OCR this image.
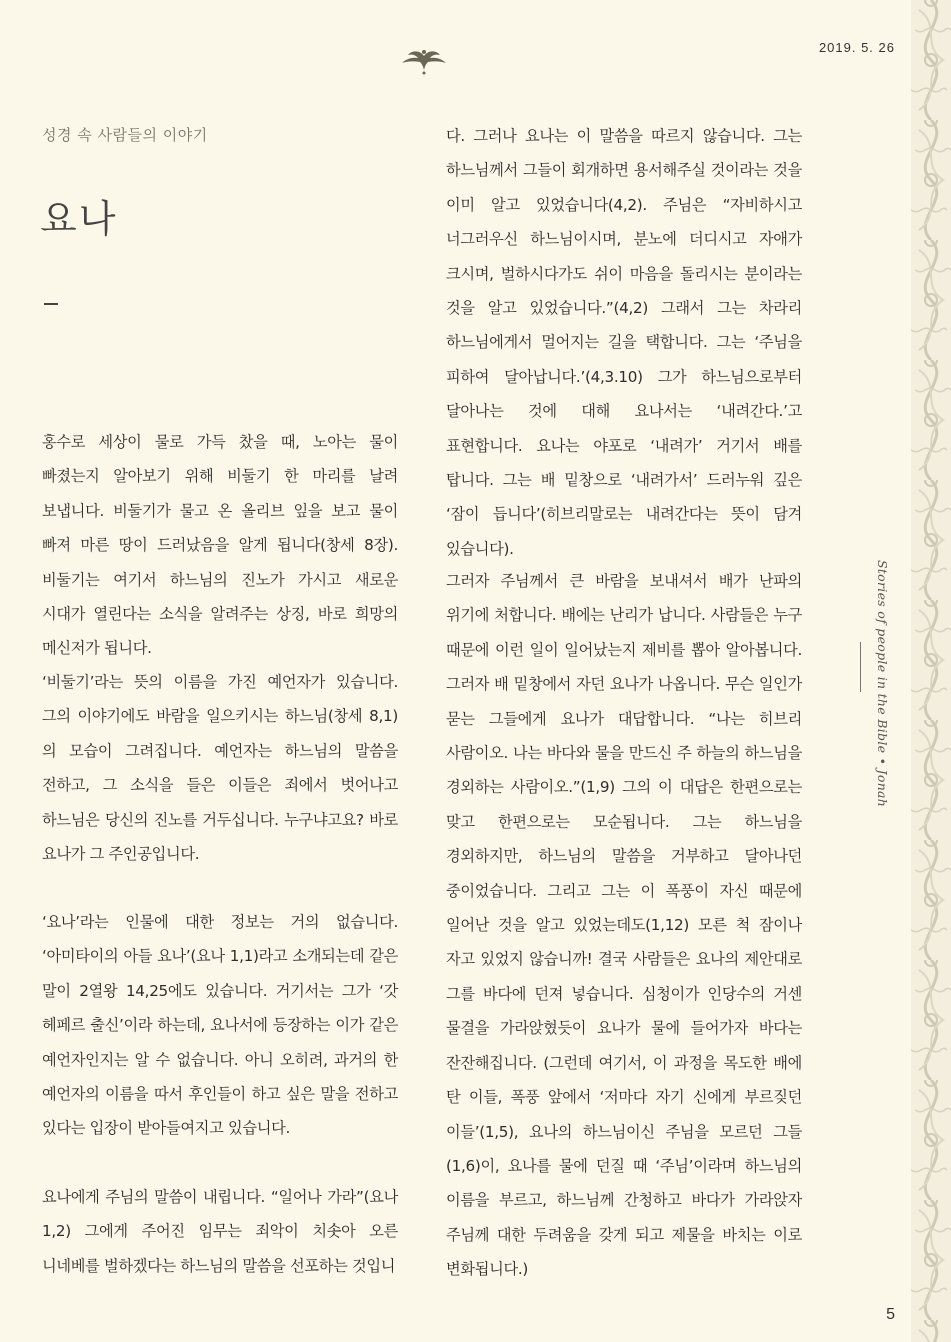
2019. 5. 26
성경 속 사람들의 이야기
요나

홍수로 세상이 물로 가득 찼을 때, 노아는 물이 빠졌는지 알아보기 위해 비둘기 한 마리를 날려 보냅니다. 비둘기가 물고 온 올리브 잎을 보고 물이 빠져 마른 땅이 드러났음을 알게 됩니다(창세 8장). 비둘기는 여기서 하느님의 진노가 가시고 새로운 시대가 열린다는 소식을 알려주는 상징, 바로 희망의 메신저가 됩니다.

‘비둘기’라는 뜻의 이름을 가진 예언자가 있습니다. 그의 이야기에도 바람을 일으키시는 하느님(창세 8,1)의 모습이 그려집니다. 예언자는 하느님의 말씀을 전하고, 그 소식을 들은 이들은 죄에서 벗어나고 하느님은 당신의 진노를 거두십니다. 누구냐고요? 바로 요나가 그 주인공입니다.

‘요나’라는 인물에 대한 정보는 거의 없습니다. ‘아미타이의 아들 요나’(요나 1,1)라고 소개되는데 같은 말이 2열왕 14,25에도 있습니다. 거기서는 그가 ‘갓 헤페르 출신’이라 하는데, 요나서에 등장하는 이가 같은 예언자인지는 알 수 없습니다. 아니 오히려, 과거의 한 예언자의 이름을 따서 후인들이 하고 싶은 말을 전하고 있다는 입장이 받아들여지고 있습니다.

요나에게 주님의 말씀이 내립니다. “일어나 가라”(요나 1,2) 그에게 주어진 임무는 죄악이 치솟아 오른 니네베를 벌하겠다는 하느님의 말씀을 선포하는 것입니

다. 그러나 요나는 이 말씀을 따르지 않습니다. 그는 하느님께서 그들이 회개하면 용서해주실 것이라는 것을 이미 알고 있었습니다(4,2). 주님은 “자비하시고 너그러우신 하느님이시며, 분노에 더디시고 자애가 크시며, 벌하시다가도 쉬이 마음을 돌리시는 분이라는 것을 알고 있었습니다.”(4,2) 그래서 그는 차라리 하느님에게서 멀어지는 길을 택합니다. 그는 ‘주님을 피하여 달아납니다.’(4,3.10) 그가 하느님으로부터 달아나는 것에 대해 요나서는 ‘내려간다.’고 표현합니다. 요나는 야포로 ‘내려가’ 거기서 배를 탑니다. 그는 배 밑창으로 ‘내려가서’ 드러누워 깊은 ‘잠이 듭니다’(히브리말로는 내려간다는 뜻이 담겨 있습니다).

그러자 주님께서 큰 바람을 보내셔서 배가 난파의 위기에 처합니다. 배에는 난리가 납니다. 사람들은 누구 때문에 이런 일이 일어났는지 제비를 뽑아 알아봅니다. 그러자 배 밑창에서 자던 요나가 나옵니다. 무슨 일인가 묻는 그들에게 요나가 대답합니다. “나는 히브리 사람이오. 나는 바다와 물을 만드신 주 하늘의 하느님을 경외하는 사람이오.”(1,9) 그의 이 대답은 한편으로는 맞고 한편으로는 모순됩니다. 그는 하느님을 경외하지만, 하느님의 말씀을 거부하고 달아나던 중이었습니다. 그리고 그는 이 폭풍이 자신 때문에 일어난 것을 알고 있었는데도(1,12) 모른 척 잠이나 자고 있었지 않습니까! 결국 사람들은 요나의 제안대로 그를 바다에 던져 넣습니다. 심청이가 인당수의 거센 물결을 가라앉혔듯이 요나가 물에 들어가자 바다는 잔잔해집니다. (그런데 여기서, 이 과정을 목도한 배에 탄 이들, 폭풍 앞에서 ‘저마다 자기 신에게 부르짖던 이들’(1,5), 요나의 하느님이신 주님을 모르던 그들(1,6)이, 요나를 물에 던질 때 ‘주님’이라며 하느님의 이름을 부르고, 하느님께 간청하고 바다가 가라앉자 주님께 대한 두려움을 갖게 되고 제물을 바치는 이로 변화됩니다.)

Stories of people in the Bible • Jonah
5
